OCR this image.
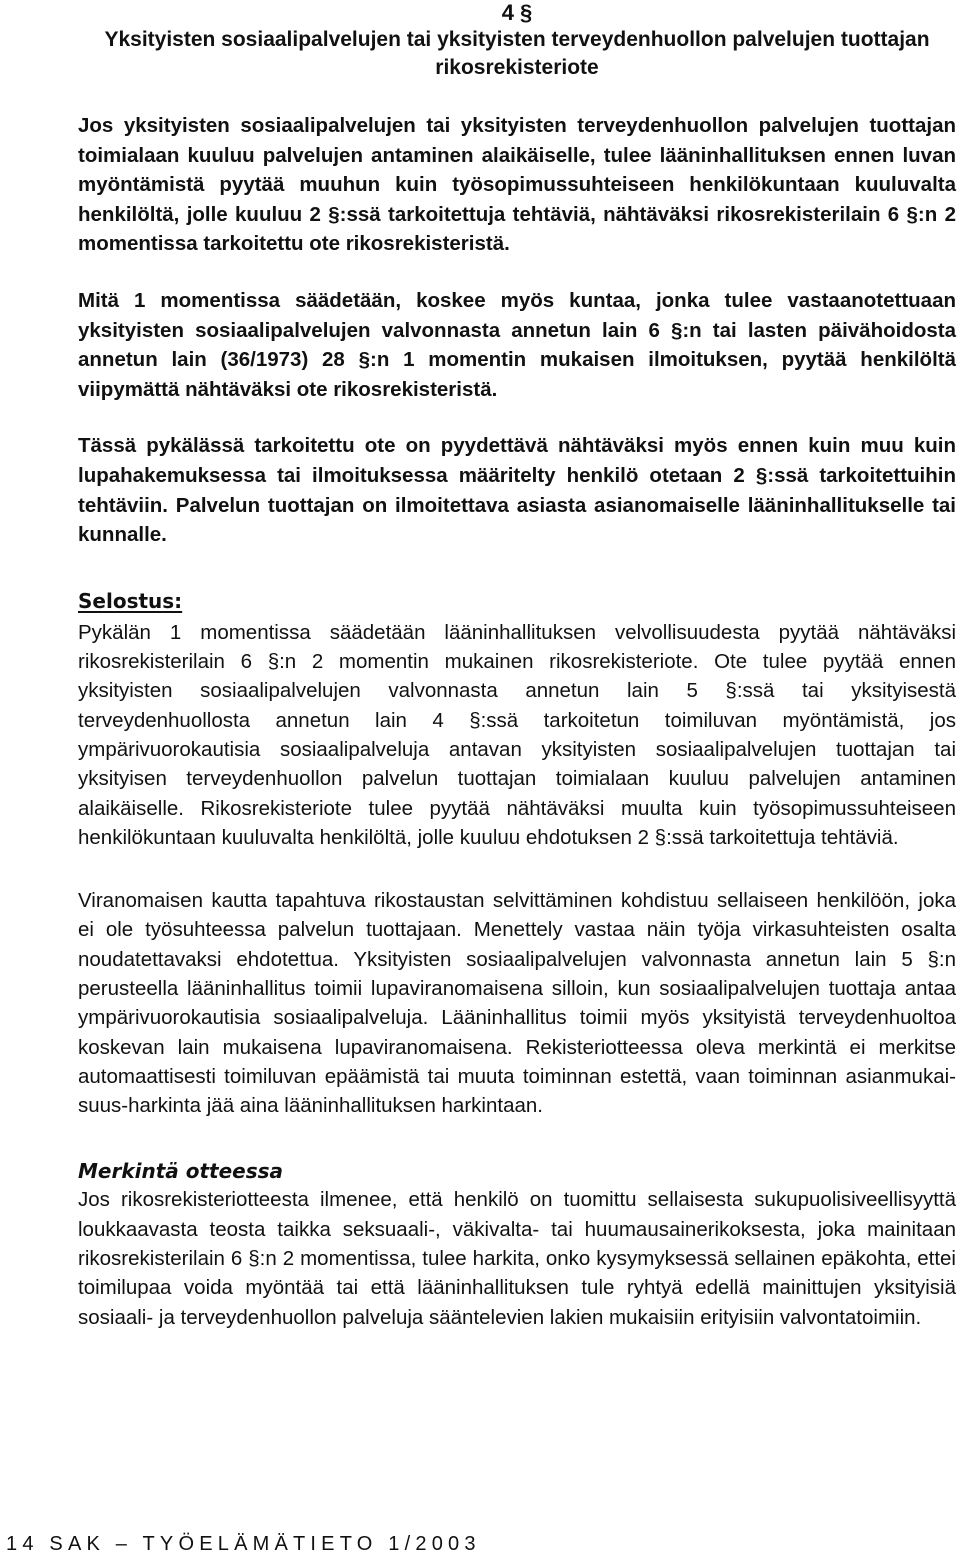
4 §
Yksityisten sosiaalipalvelujen tai yksityisten terveydenhuollon palvelujen tuottajan rikosrekisteriote

Jos yksityisten sosiaalipalvelujen tai yksityisten terveydenhuollon palvelujen tuottajan toimialaan kuuluu palvelujen antaminen alaikäiselle, tulee lääninhallituksen ennen luvan myöntämistä pyytää muuhun kuin työsopimussuhteiseen henkilökuntaan kuuluvalta henkilöltä, jolle kuuluu 2 §:ssä tarkoitettuja tehtäviä, nähtäväksi rikosrekisterilain 6 §:n 2 momentissa tarkoitettu ote rikosrekisteristä.

Mitä 1 momentissa säädetään, koskee myös kuntaa, jonka tulee vastaanotettuaan yksityisten sosiaalipalvelujen valvonnasta annetun lain 6 §:n tai lasten päivähoidosta annetun lain (36/1973) 28 §:n 1 momentin mukaisen ilmoituksen, pyytää henkilöltä viipymättä nähtäväksi ote rikosrekisteristä.

Tässä pykälässä tarkoitettu ote on pyydettävä nähtäväksi myös ennen kuin muu kuin lupahakemuksessa tai ilmoituksessa määritelty henkilö otetaan 2 §:ssä tarkoitettuihin tehtäviin. Palvelun tuottajan on ilmoitettava asiasta asianomaiselle lääninhallitukselle tai kunnalle.

Selostus:

Pykälän 1 momentissa säädetään lääninhallituksen velvollisuudesta pyytää nähtäväksi rikosrekisterilain 6 §:n 2 momentin mukainen rikosrekisteriote. Ote tulee pyytää ennen yksityisten sosiaalipalvelujen valvonnasta annetun lain 5 §:ssä tai yksityisestä terveydenhuollosta annetun lain 4 §:ssä tarkoitetun toimiluvan myöntämistä, jos ympärivuorokautisia sosiaalipalveluja antavan yksityisten sosiaalipalvelujen tuottajan tai yksityisen terveydenhuollon palvelun tuottajan toimialaan kuuluu palvelujen antaminen alaikäiselle. Rikosrekisteriote tulee pyytää nähtäväksi muulta kuin työsopimussuhteiseen henkilökuntaan kuuluvalta henkilöltä, jolle kuuluu ehdotuksen 2 §:ssä tarkoitettuja tehtäviä.

Viranomaisen kautta tapahtuva rikostaustan selvittäminen kohdistuu sellaiseen henkilöön, joka ei ole työsuhteessa palvelun tuottajaan. Menettely vastaa näin työja virkasuhteisten osalta noudatettavaksi ehdotettua. Yksityisten sosiaalipalvelujen valvonnasta annetun lain 5 §:n perusteella lääninhallitus toimii lupaviranomaisena silloin, kun sosiaalipalvelujen tuottaja antaa ympärivuorokautisia sosiaalipalveluja. Lääninhallitus toimii myös yksityistä terveydenhuoltoa koskevan lain mukaisena lupaviranomaisena. Rekisteriotteessa oleva merkintä ei merkitse automaattisesti toimiluvan epäämistä tai muuta toiminnan estettä, vaan toiminnan asianmukaisuus-harkinta jää aina lääninhallituksen harkintaan.

Merkintä otteessa

Jos rikosrekisteriotteesta ilmenee, että henkilö on tuomittu sellaisesta sukupuolisiveellisyyttä loukkaavasta teosta taikka seksuaali-, väkivalta- tai huumausainerikoksesta, joka mainitaan rikosrekisterilain 6 §:n 2 momentissa, tulee harkita, onko kysymyksessä sellainen epäkohta, ettei toimilupaa voida myöntää tai että lääninhallituksen tule ryhtyä edellä mainittujen yksityisiä sosiaali- ja terveydenhuollon palveluja sääntelevien lakien mukaisiin erityisiin valvontatoimiin.

14 SAK – TYÖELÄMÄTIETO 1/2003
